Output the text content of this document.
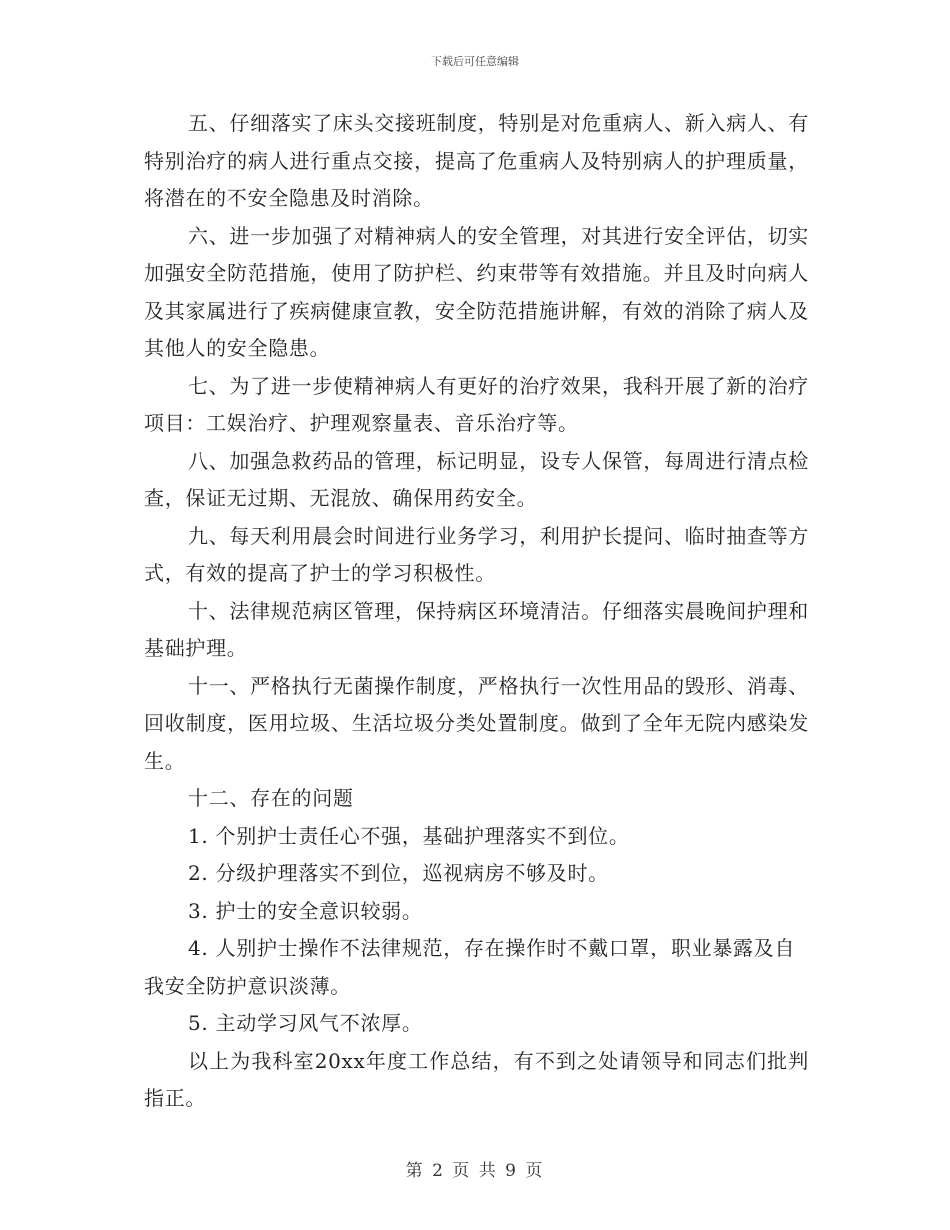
下载后可任意编辑

五、仔细落实了床头交接班制度，特别是对危重病人、新入病人、有特别治疗的病人进行重点交接，提高了危重病人及特别病人的护理质量，将潜在的不安全隐患及时消除。

六、进一步加强了对精神病人的安全管理，对其进行安全评估，切实加强安全防范措施，使用了防护栏、约束带等有效措施。并且及时向病人及其家属进行了疾病健康宣教，安全防范措施讲解，有效的消除了病人及其他人的安全隐患。

七、为了进一步使精神病人有更好的治疗效果，我科开展了新的治疗项目：工娱治疗、护理观察量表、音乐治疗等。

八、加强急救药品的管理，标记明显，设专人保管，每周进行清点检查，保证无过期、无混放、确保用药安全。

九、每天利用晨会时间进行业务学习，利用护长提问、临时抽查等方式，有效的提高了护士的学习积极性。

十、法律规范病区管理，保持病区环境清洁。仔细落实晨晚间护理和基础护理。

十一、严格执行无菌操作制度，严格执行一次性用品的毁形、消毒、回收制度，医用垃圾、生活垃圾分类处置制度。做到了全年无院内感染发生。

十二、存在的问题

1. 个别护士责任心不强，基础护理落实不到位。

2. 分级护理落实不到位，巡视病房不够及时。

3. 护士的安全意识较弱。

4. 人别护士操作不法律规范，存在操作时不戴口罩，职业暴露及自我安全防护意识淡薄。

5. 主动学习风气不浓厚。

以上为我科室20xx年度工作总结，有不到之处请领导和同志们批判指正。

第 2 页 共 9 页
